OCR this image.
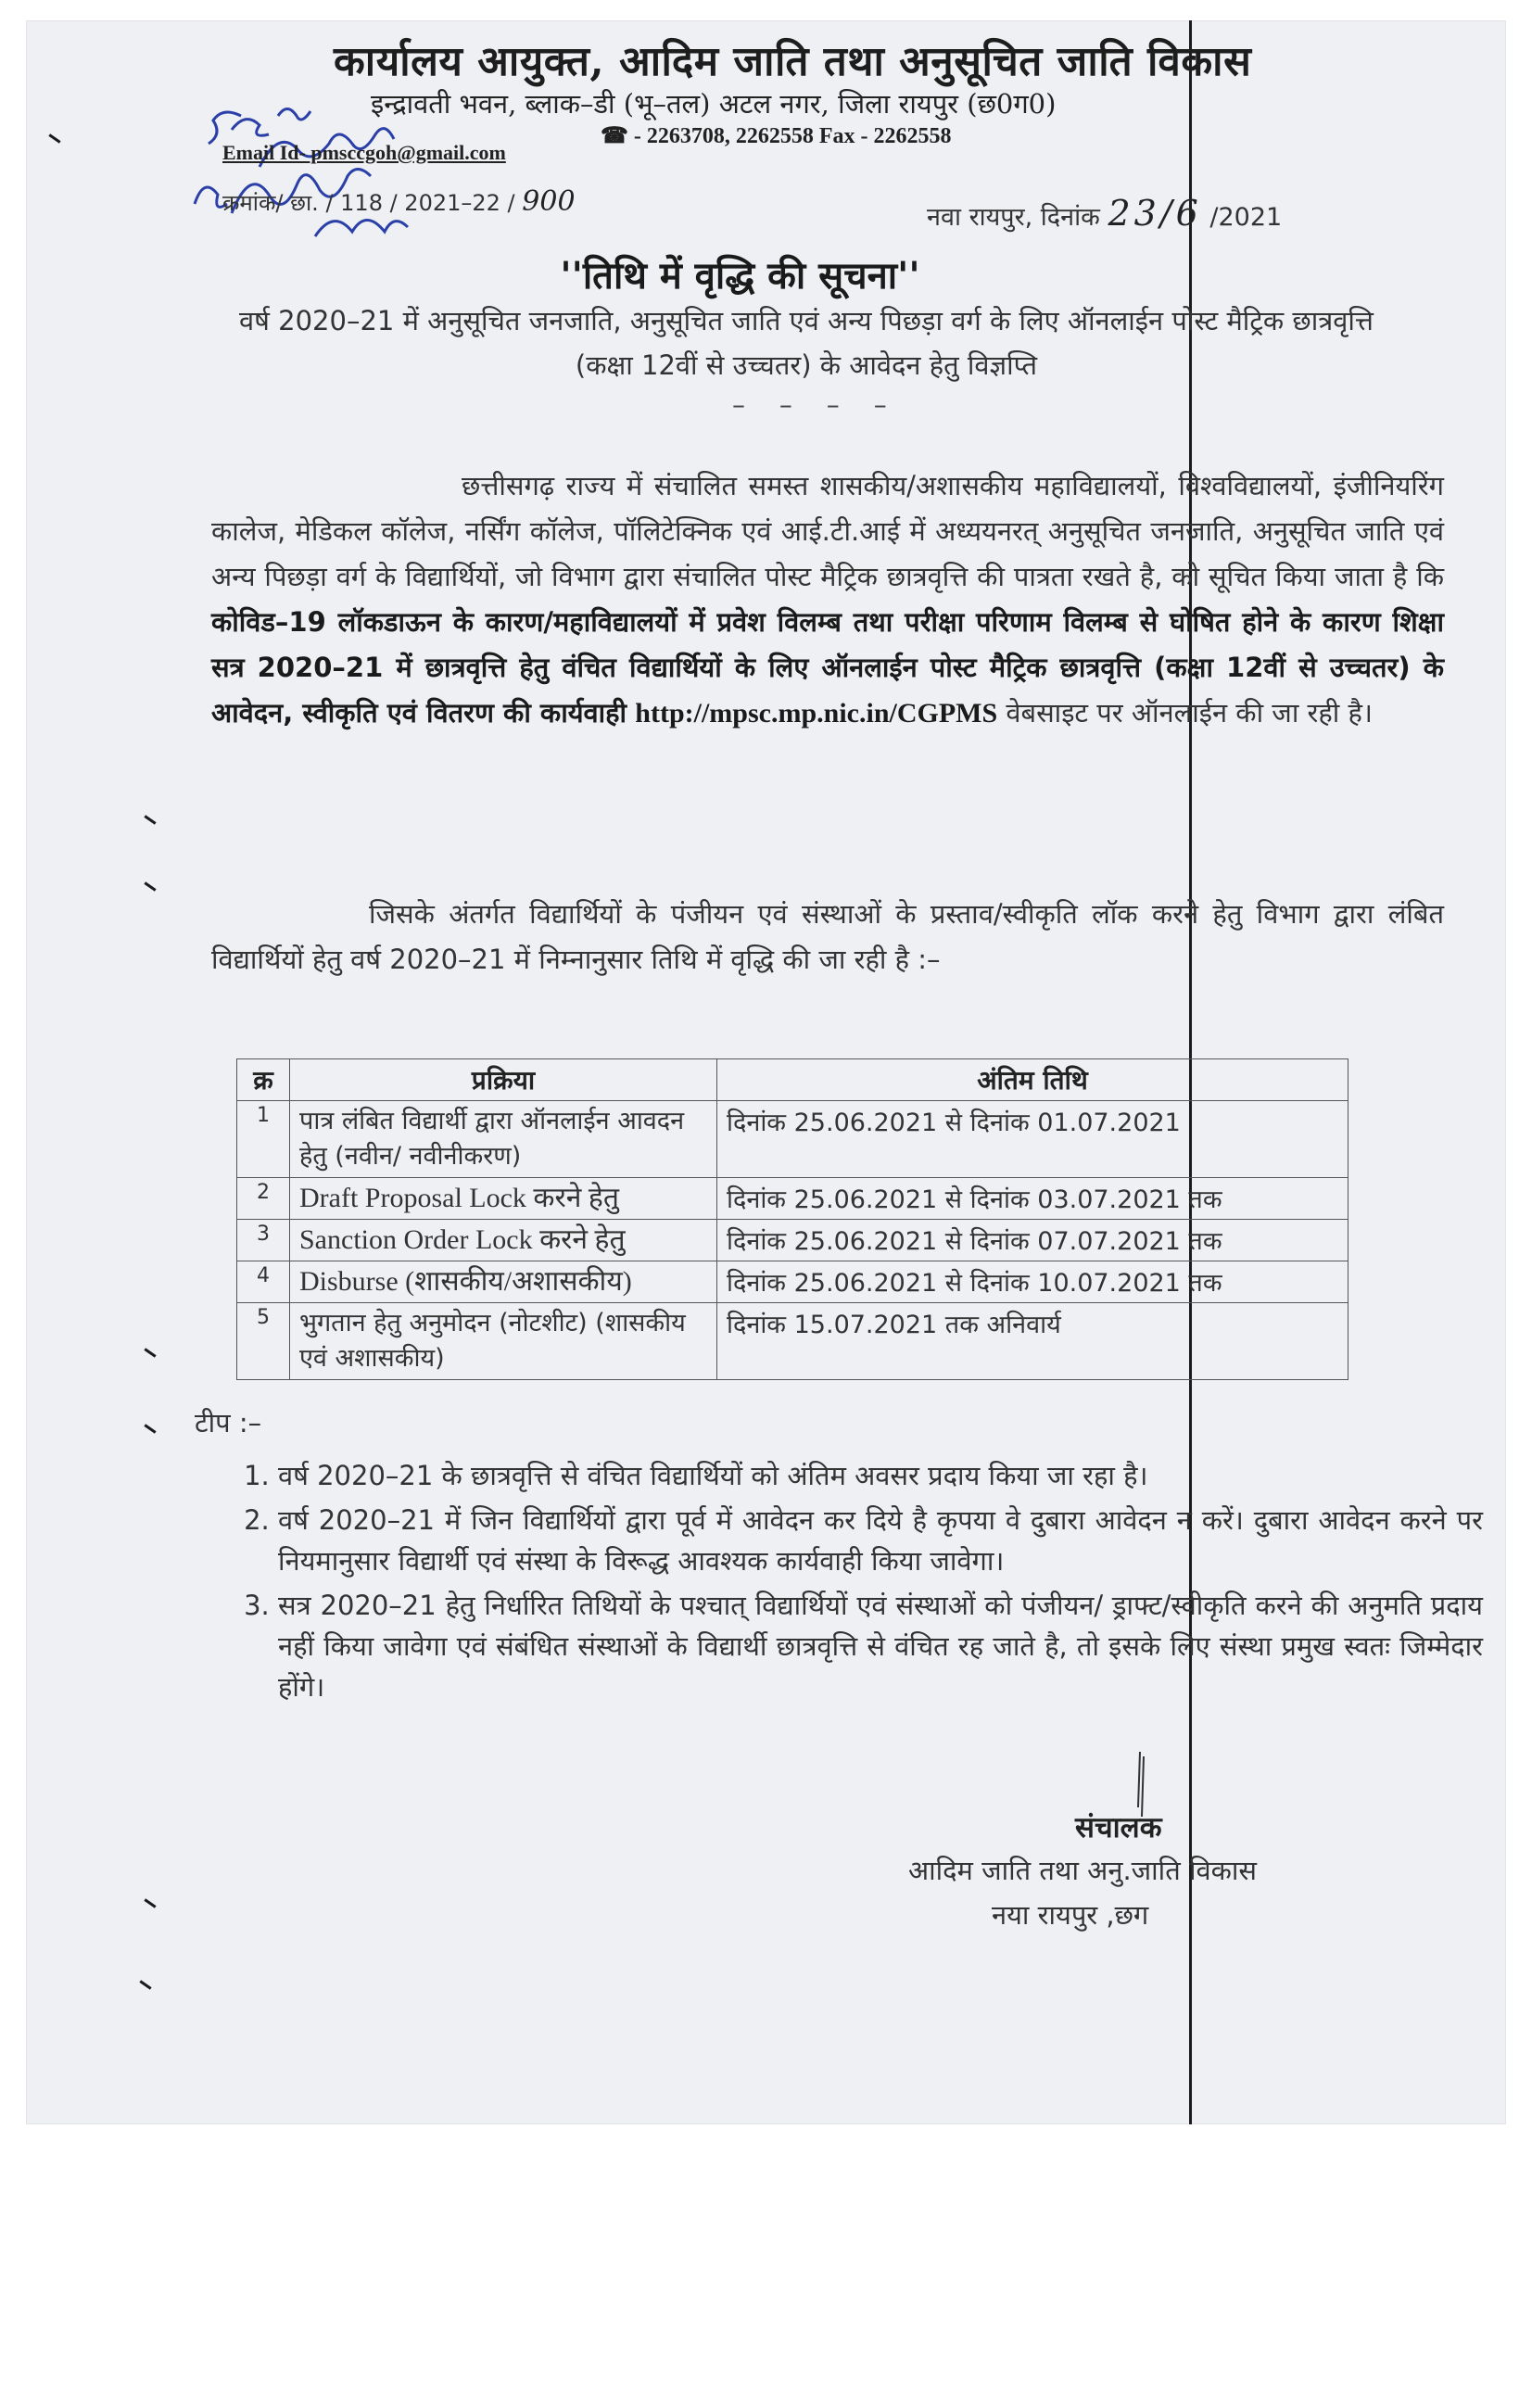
कार्यालय आयुक्त, आदिम जाति तथा अनुसूचित जाति विकास
इन्द्रावती भवन, ब्लाक–डी (भू–तल) अटल नगर, जिला रायपुर (छ0ग0)
☎ - 2263708, 2262558 Fax - 2262558
Email Id- pmsccgoh@gmail.com
क्रमांक/ छा. / 118 / 2021–22 / 900	नवा रायपुर, दिनांक 23/6 /2021
''तिथि में वृद्धि की सूचना''
वर्ष 2020–21 में अनुसूचित जनजाति, अनुसूचित जाति एवं अन्य पिछड़ा वर्ग के लिए ऑनलाईन पोस्ट मैट्रिक छात्रवृत्ति (कक्षा 12वीं से उच्चतर) के आवेदन हेतु विज्ञप्ति
– – – –
छत्तीसगढ़ राज्य में संचालित समस्त शासकीय/अशासकीय महाविद्यालयों, विश्वविद्यालयों, इंजीनियरिंग कालेज, मेडिकल कॉलेज, नर्सिंग कॉलेज, पॉलिटेक्निक एवं आई.टी.आई में अध्ययनरत् अनुसूचित जनजाति, अनुसूचित जाति एवं अन्य पिछड़ा वर्ग के विद्यार्थियों, जो विभाग द्वारा संचालित पोस्ट मैट्रिक छात्रवृत्ति की पात्रता रखते है, को सूचित किया जाता है कि कोविड–19 लॉकडाऊन के कारण/महाविद्यालयों में प्रवेश विलम्ब तथा परीक्षा परिणाम विलम्ब से घोषित होने के कारण शिक्षा सत्र 2020–21 में छात्रवृत्ति हेतु वंचित विद्यार्थियों के लिए ऑनलाईन पोस्ट मैट्रिक छात्रवृत्ति (कक्षा 12वीं से उच्चतर) के आवेदन, स्वीकृति एवं वितरण की कार्यवाही http://mpsc.mp.nic.in/CGPMS वेबसाइट पर ऑनलाईन की जा रही है।
जिसके अंतर्गत विद्यार्थियों के पंजीयन एवं संस्थाओं के प्रस्ताव/स्वीकृति लॉक करने हेतु विभाग द्वारा लंबित विद्यार्थियों हेतु वर्ष 2020–21 में निम्नानुसार तिथि में वृद्धि की जा रही है :–
क्र	प्रक्रिया	अंतिम तिथि
1	पात्र लंबित विद्यार्थी द्वारा ऑनलाईन आवदन हेतु (नवीन/ नवीनीकरण)	दिनांक 25.06.2021 से दिनांक 01.07.2021
2	Draft Proposal Lock करने हेतु	दिनांक 25.06.2021 से दिनांक 03.07.2021 तक
3	Sanction Order Lock करने हेतु	दिनांक 25.06.2021 से दिनांक 07.07.2021 तक
4	Disburse (शासकीय/अशासकीय)	दिनांक 25.06.2021 से दिनांक 10.07.2021 तक
5	भुगतान हेतु अनुमोदन (नोटशीट) (शासकीय एवं अशासकीय)	दिनांक 15.07.2021 तक अनिवार्य
टीप :–
1. वर्ष 2020–21 के छात्रवृत्ति से वंचित विद्यार्थियों को अंतिम अवसर प्रदाय किया जा रहा है।
2. वर्ष 2020–21 में जिन विद्यार्थियों द्वारा पूर्व में आवेदन कर दिये है कृपया वे दुबारा आवेदन न करें। दुबारा आवेदन करने पर नियमानुसार विद्यार्थी एवं संस्था के विरूद्ध आवश्यक कार्यवाही किया जावेगा।
3. सत्र 2020–21 हेतु निर्धारित तिथियों के पश्चात् विद्यार्थियों एवं संस्थाओं को पंजीयन/ ड्राफ्ट/स्वीकृति करने की अनुमति प्रदाय नहीं किया जावेगा एवं संबंधित संस्थाओं के विद्यार्थी छात्रवृत्ति से वंचित रह जाते है, तो इसके लिए संस्था प्रमुख स्वतः जिम्मेदार होंगे।
संचालक
आदिम जाति तथा अनु.जाति विकास
नया रायपुर ,छग
